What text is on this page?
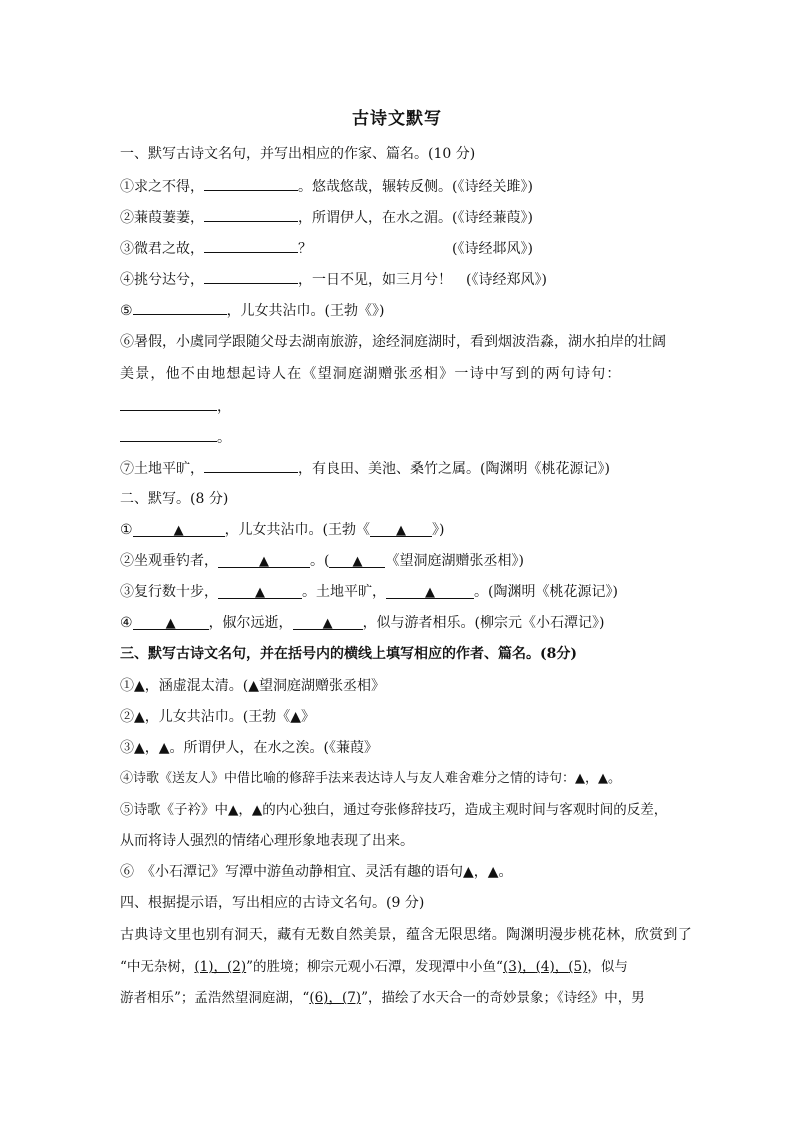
古诗文默写
一、默写古诗文名句，并写出相应的作家、篇名。(10 分)
①求之不得，	。悠哉悠哉，辗转反侧。(《诗经关雎》)
②蒹葭萋萋，	，所谓伊人，在水之湄。(《诗经蒹葭》)
③微君之故，	？	(《诗经邶风》)
④挑兮达兮，	，一日不见，如三月兮！　(《诗经郑风》)
⑤	，儿女共沾巾。(王勃《》)
⑥暑假，小虞同学跟随父母去湖南旅游，途经洞庭湖时，看到烟波浩淼，湖水拍岸的壮阔
美景，他不由地想起诗人在《望洞庭湖赠张丞相》一诗中写到的两句诗句：
，
。
⑦土地平旷，	，有良田、美池、桑竹之属。(陶渊明《桃花源记》)
二、默写。(8 分)
①	▲	，儿女共沾巾。(王勃《 ▲ 》)
②坐观垂钓者，	▲	。( ▲ 《望洞庭湖赠张丞相》)
③复行数十步，	▲	。土地平旷，	▲	。(陶渊明《桃花源记》)
④	▲ ，俶尔远逝， ▲ ，似与游者相乐。(柳宗元《小石潭记》)
三、默写古诗文名句，并在括号内的横线上填写相应的作者、篇名。(8分)
①▲，涵虚混太清。(▲望洞庭湖赠张丞相》
②▲，儿女共沾巾。(王勃《▲》
③▲，▲。所谓伊人，在水之涘。(《蒹葭》
④诗歌《送友人》中借比喻的修辞手法来表达诗人与友人难舍难分之情的诗句：▲，▲。
⑤诗歌《子衿》中▲，▲的内心独白，通过夸张修辞技巧，造成主观时间与客观时间的反差，
从而将诗人强烈的情绪心理形象地表现了出来。
⑥　《小石潭记》写潭中游鱼动静相宜、灵活有趣的语句▲，▲。
四、根据提示语，写出相应的古诗文名句。(9 分)
古典诗文里也别有洞天，藏有无数自然美景，蕴含无限思绪。陶渊明漫步桃花林，欣赏到了
“中无杂树，(1)，(2)”的胜境；柳宗元观小石潭，发现潭中小鱼“(3)，(4)，(5)，似与
游者相乐”；孟浩然望洞庭湖，“(6)，(7)”，描绘了水天合一的奇妙景象；《诗经》中，男
